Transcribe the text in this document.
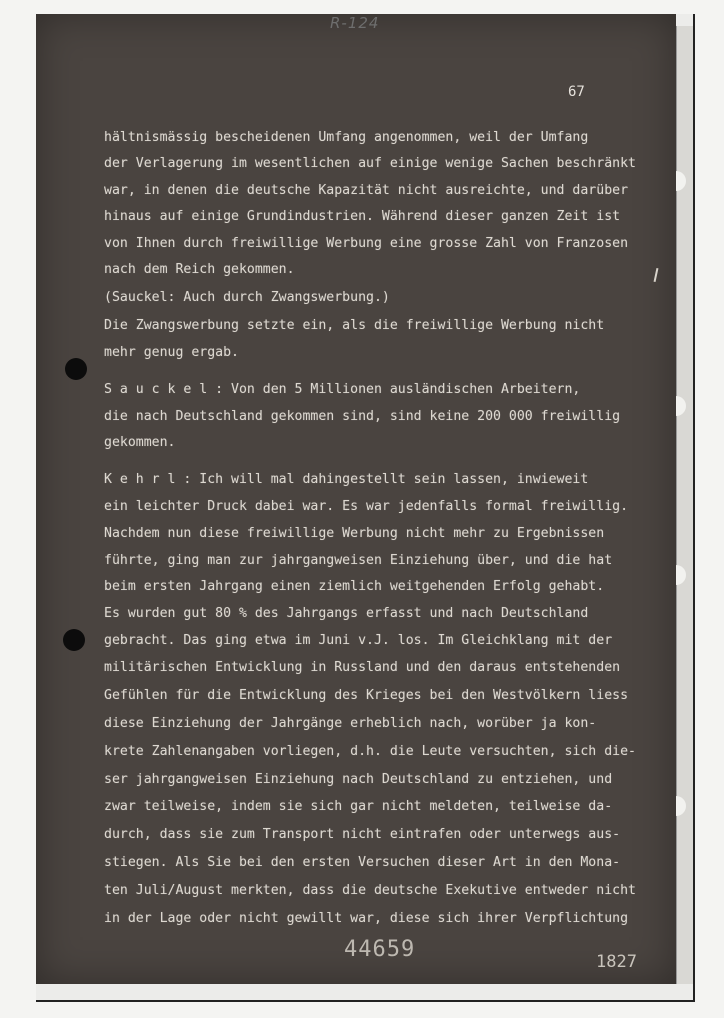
R-124

67

hältnismässig bescheidenen Umfang angenommen, weil der Umfang
der Verlagerung im wesentlichen auf einige wenige Sachen beschränkt
war, in denen die deutsche Kapazität nicht ausreichte, und darüber
hinaus auf einige Grundindustrien. Während dieser ganzen Zeit ist
von Ihnen durch freiwillige Werbung eine grosse Zahl von Franzosen
nach dem Reich gekommen.
(Sauckel: Auch durch Zwangswerbung.)
Die Zwangswerbung setzte ein, als die freiwillige Werbung nicht
mehr genug ergab.
S a u c k e l : Von den 5 Millionen ausländischen Arbeitern,
die nach Deutschland gekommen sind, sind keine 200 000 freiwillig
gekommen.
K e h r l : Ich will mal dahingestellt sein lassen, inwieweit
ein leichter Druck dabei war. Es war jedenfalls formal freiwillig.
Nachdem nun diese freiwillige Werbung nicht mehr zu Ergebnissen
führte, ging man zur jahrgangweisen Einziehung über, und die hat
beim ersten Jahrgang einen ziemlich weitgehenden Erfolg gehabt.
Es wurden gut 80 % des Jahrgangs erfasst und nach Deutschland
gebracht. Das ging etwa im Juni v.J. los. Im Gleichklang mit der
militärischen Entwicklung in Russland und den daraus entstehenden
Gefühlen für die Entwicklung des Krieges bei den Westvölkern liess
diese Einziehung der Jahrgänge erheblich nach, worüber ja kon-
krete Zahlenangaben vorliegen, d.h. die Leute versuchten, sich die-
ser jahrgangweisen Einziehung nach Deutschland zu entziehen, und
zwar teilweise, indem sie sich gar nicht meldeten, teilweise da-
durch, dass sie zum Transport nicht eintrafen oder unterwegs aus-
stiegen. Als Sie bei den ersten Versuchen dieser Art in den Mona-
ten Juli/August merkten, dass die deutsche Exekutive entweder nicht
in der Lage oder nicht gewillt war, diese sich ihrer Verpflichtung

44659	1827
